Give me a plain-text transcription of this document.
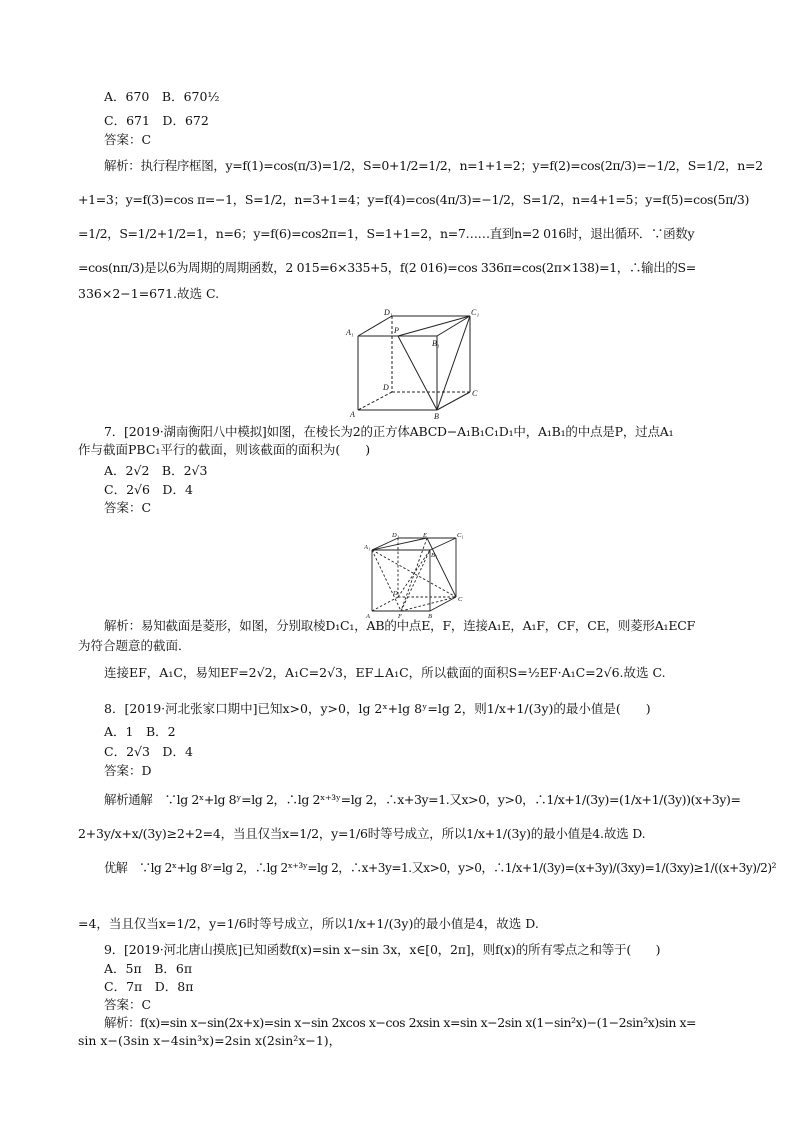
A．670　B．670½
C．671　D．672
答案：C
解析：执行程序框图，y=f(1)=cos(π/3)=1/2，S=0+1/2=1/2，n=1+1=2；y=f(2)=cos(2π/3)=−1/2，S=1/2，n=2
+1=3；y=f(3)=cos π=−1，S=1/2，n=3+1=4；y=f(4)=cos(4π/3)=−1/2，S=1/2，n=4+1=5；y=f(5)=cos(5π/3)
=1/2，S=1/2+1/2=1，n=6；y=f(6)=cos2π=1，S=1+1=2，n=7……直到n=2 016时，退出循环．∵函数y
=cos(nπ/3)是以6为周期的周期函数，2 015=6×335+5，f(2 016)=cos 336π=cos(2π×138)=1，∴输出的S=
336×2−1=671.故选 C.
D₁	C₁
A₁	P
B₁
D
C
A	B
7．[2019·湖南衡阳八中模拟]如图，在棱长为2的正方体ABCD−A₁B₁C₁D₁中，A₁B₁的中点是P，过点A₁
作与截面PBC₁平行的截面，则该截面的面积为(　　)
A．2√2　B．2√3
C．2√6　D．4
答案：C
D₁	E	C₁
A₁
B₁
D
C
A	F	B
解析：易知截面是菱形，如图，分别取棱D₁C₁，AB的中点E，F，连接A₁E，A₁F，CF，CE，则菱形A₁ECF
为符合题意的截面．
连接EF，A₁C，易知EF=2√2，A₁C=2√3，EF⊥A₁C，所以截面的面积S=½EF·A₁C=2√6.故选 C.
8．[2019·河北张家口期中]已知x>0，y>0，lg 2ˣ+lg 8ʸ=lg 2，则1/x+1/(3y)的最小值是(　　)
A．1　B．2
C．2√3　D．4
答案：D
解析通解　∵lg 2ˣ+lg 8ʸ=lg 2，∴lg 2ˣ⁺³ʸ=lg 2，∴x+3y=1.又x>0，y>0，∴1/x+1/(3y)=(1/x+1/(3y))(x+3y)=
2+3y/x+x/(3y)≥2+2=4，当且仅当x=1/2，y=1/6时等号成立，所以1/x+1/(3y)的最小值是4.故选 D.
优解　∵lg 2ˣ+lg 8ʸ=lg 2，∴lg 2ˣ⁺³ʸ=lg 2，∴x+3y=1.又x>0，y>0，∴1/x+1/(3y)=(x+3y)/(3xy)=1/(3xy)≥1/((x+3y)/2)²
=4，当且仅当x=1/2，y=1/6时等号成立，所以1/x+1/(3y)的最小值是4，故选 D.
9．[2019·河北唐山摸底]已知函数f(x)=sin x−sin 3x，x∈[0，2π]，则f(x)的所有零点之和等于(　　)
A．5π　B．6π
C．7π　D．8π
答案：C
解析：f(x)=sin x−sin(2x+x)=sin x−sin 2xcos x−cos 2xsin x=sin x−2sin x(1−sin²x)−(1−2sin²x)sin x=
sin x−(3sin x−4sin³x)=2sin x(2sin²x−1)，
